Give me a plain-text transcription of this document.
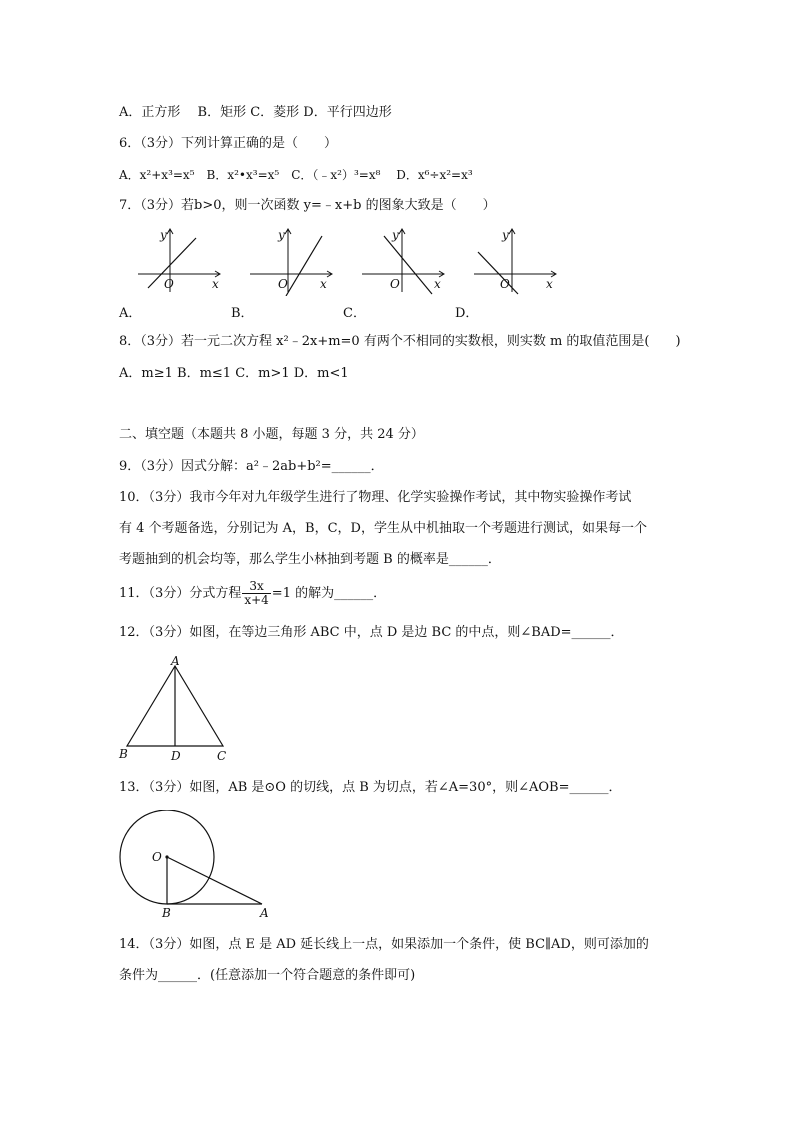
A．正方形　 B．矩形 C．菱形 D．平行四边形
6．（3分）下列计算正确的是（　　）
A．x²+x³=x⁵　B．x²•x³=x⁵　C．（﹣x²）³=x⁸　 D．x⁶÷x²=x³
7．（3分）若b>0，则一次函数 y=﹣x+b 的图象大致是（　　）
y
O	x
y
O	x
y
O	x
y
O	x
A．	B．	C．	D．
8．（3分）若一元二次方程 x²﹣2x+m=0 有两个不相同的实数根，则实数 m 的取值范围是(　　)
A．m≥1 B．m≤1 C．m>1 D．m<1
二、填空题（本题共 8 小题，每题 3 分，共 24 分）
9．（3分）因式分解：a²﹣2ab+b²=______．
10．（3分）我市今年对九年级学生进行了物理、化学实验操作考试，其中物实验操作考试
有 4 个考题备选，分别记为 A，B，C，D，学生从中机抽取一个考题进行测试，如果每一个
考题抽到的机会均等，那么学生小林抽到考题 B 的概率是______．
11．（3分）分式方程 $\frac{3x}{x+4} =1$ 的解为______．
12．（3分）如图，在等边三角形 ABC 中，点 D 是边 BC 的中点，则∠BAD=______．
A
B	D	C
13．（3分）如图，AB 是⊙O 的切线，点 B 为切点，若∠A=30°，则∠AOB=______．
O
B	A
14．（3分）如图，点 E 是 AD 延长线上一点，如果添加一个条件，使 BC∥AD，则可添加的
条件为______．(任意添加一个符合题意的条件即可)
